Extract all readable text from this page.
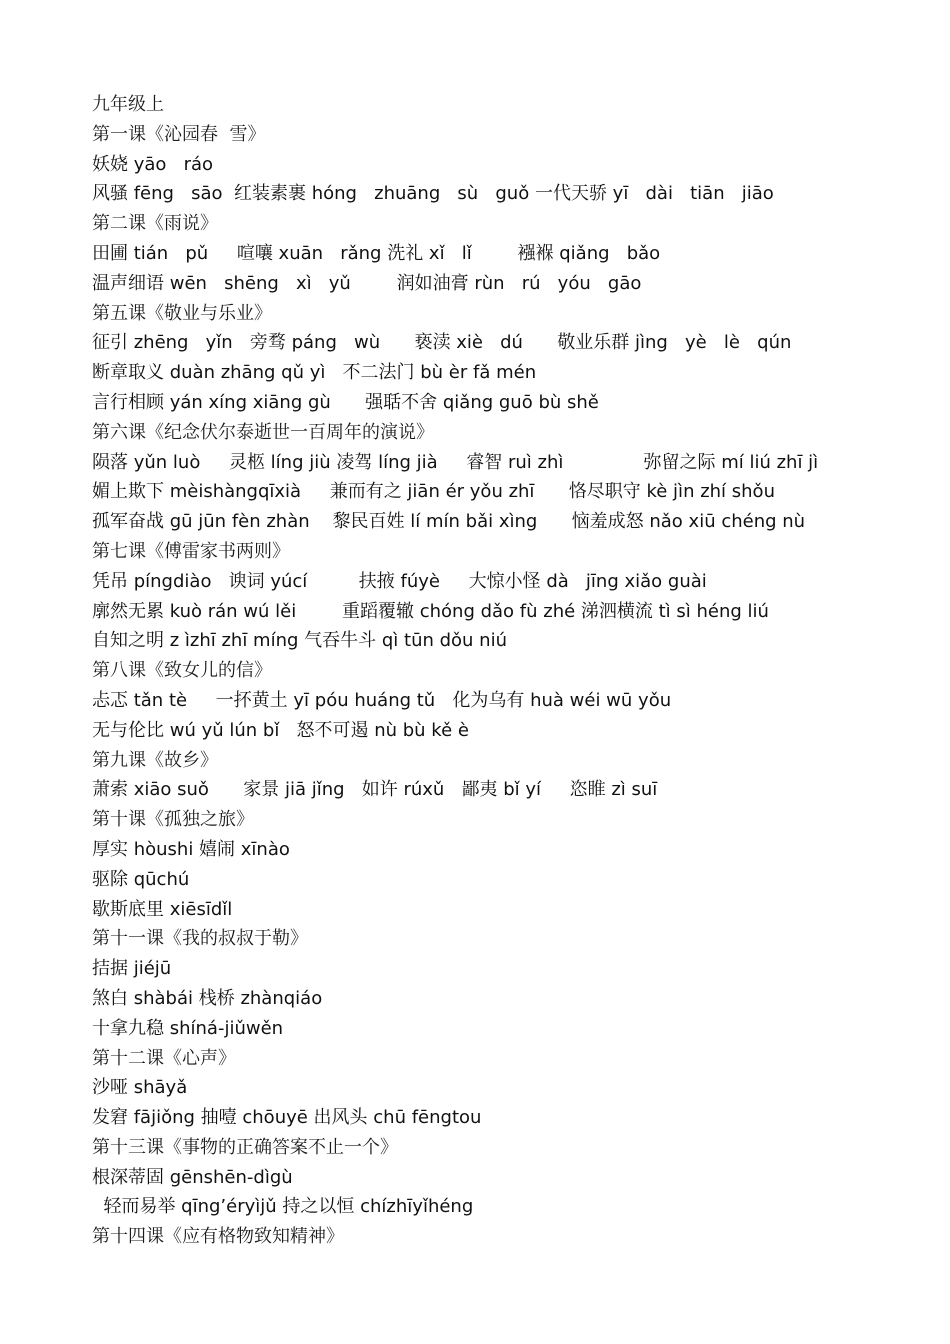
九年级上
第一课《沁园春  雪》
妖娆 yāo   ráo
风骚 fēng   sāo  红装素裹 hóng   zhuāng   sù   guǒ 一代天骄 yī   dài   tiān   jiāo
第二课《雨说》
田圃 tián   pǔ     喧嚷 xuān   rǎng 洗礼 xǐ   lǐ        襁褓 qiǎng   bǎo
温声细语 wēn   shēng   xì   yǔ        润如油膏 rùn   rú   yóu   gāo
第五课《敬业与乐业》
征引 zhēng   yǐn   旁骛 páng   wù      亵渎 xiè   dú      敬业乐群 jìng   yè   lè   qún
断章取义 duàn zhāng qǔ yì   不二法门 bù èr fǎ mén
言行相顾 yán xíng xiāng gù      强聒不舍 qiǎng guō bù shě
第六课《纪念伏尔泰逝世一百周年的演说》
陨落 yǔn luò     灵柩 líng jiù 凌驾 líng jià     睿智 ruì zhì              弥留之际 mí liú zhī jì
媚上欺下 mèishàngqīxià     兼而有之 jiān ér yǒu zhī      恪尽职守 kè jìn zhí shǒu
孤军奋战 gū jūn fèn zhàn    黎民百姓 lí mín bǎi xìng      恼羞成怒 nǎo xiū chéng nù
第七课《傅雷家书两则》
凭吊 píngdiào   谀词 yúcí         扶掖 fúyè     大惊小怪 dà   jīng xiǎo guài
廓然无累 kuò rán wú lěi        重蹈覆辙 chóng dǎo fù zhé 涕泗横流 tì sì héng liú
自知之明 z ìzhī zhī míng 气吞牛斗 qì tūn dǒu niú
第八课《致女儿的信》
忐忑 tǎn tè     一抔黄土 yī póu huáng tǔ   化为乌有 huà wéi wū yǒu
无与伦比 wú yǔ lún bǐ   怒不可遏 nù bù kě è
第九课《故乡》
萧索 xiāo suǒ      家景 jiā jǐng   如许 rúxǔ   鄙夷 bǐ yí     恣睢 zì suī
第十课《孤独之旅》
厚实 hòushi 嬉闹 xīnào
驱除 qūchú
歇斯底里 xiēsīdǐl
第十一课《我的叔叔于勒》
拮据 jiéjū
煞白 shàbái 栈桥 zhànqiáo
十拿九稳 shíná-jiǔwěn
第十二课《心声》
沙哑 shāyǎ
发窘 fājiǒng 抽噎 chōuyē 出风头 chū fēngtou
第十三课《事物的正确答案不止一个》
根深蒂固 gēnshēn-dìgù
轻而易举 qīng’éryìjǔ 持之以恒 chízhīyǐhéng
第十四课《应有格物致知精神》
